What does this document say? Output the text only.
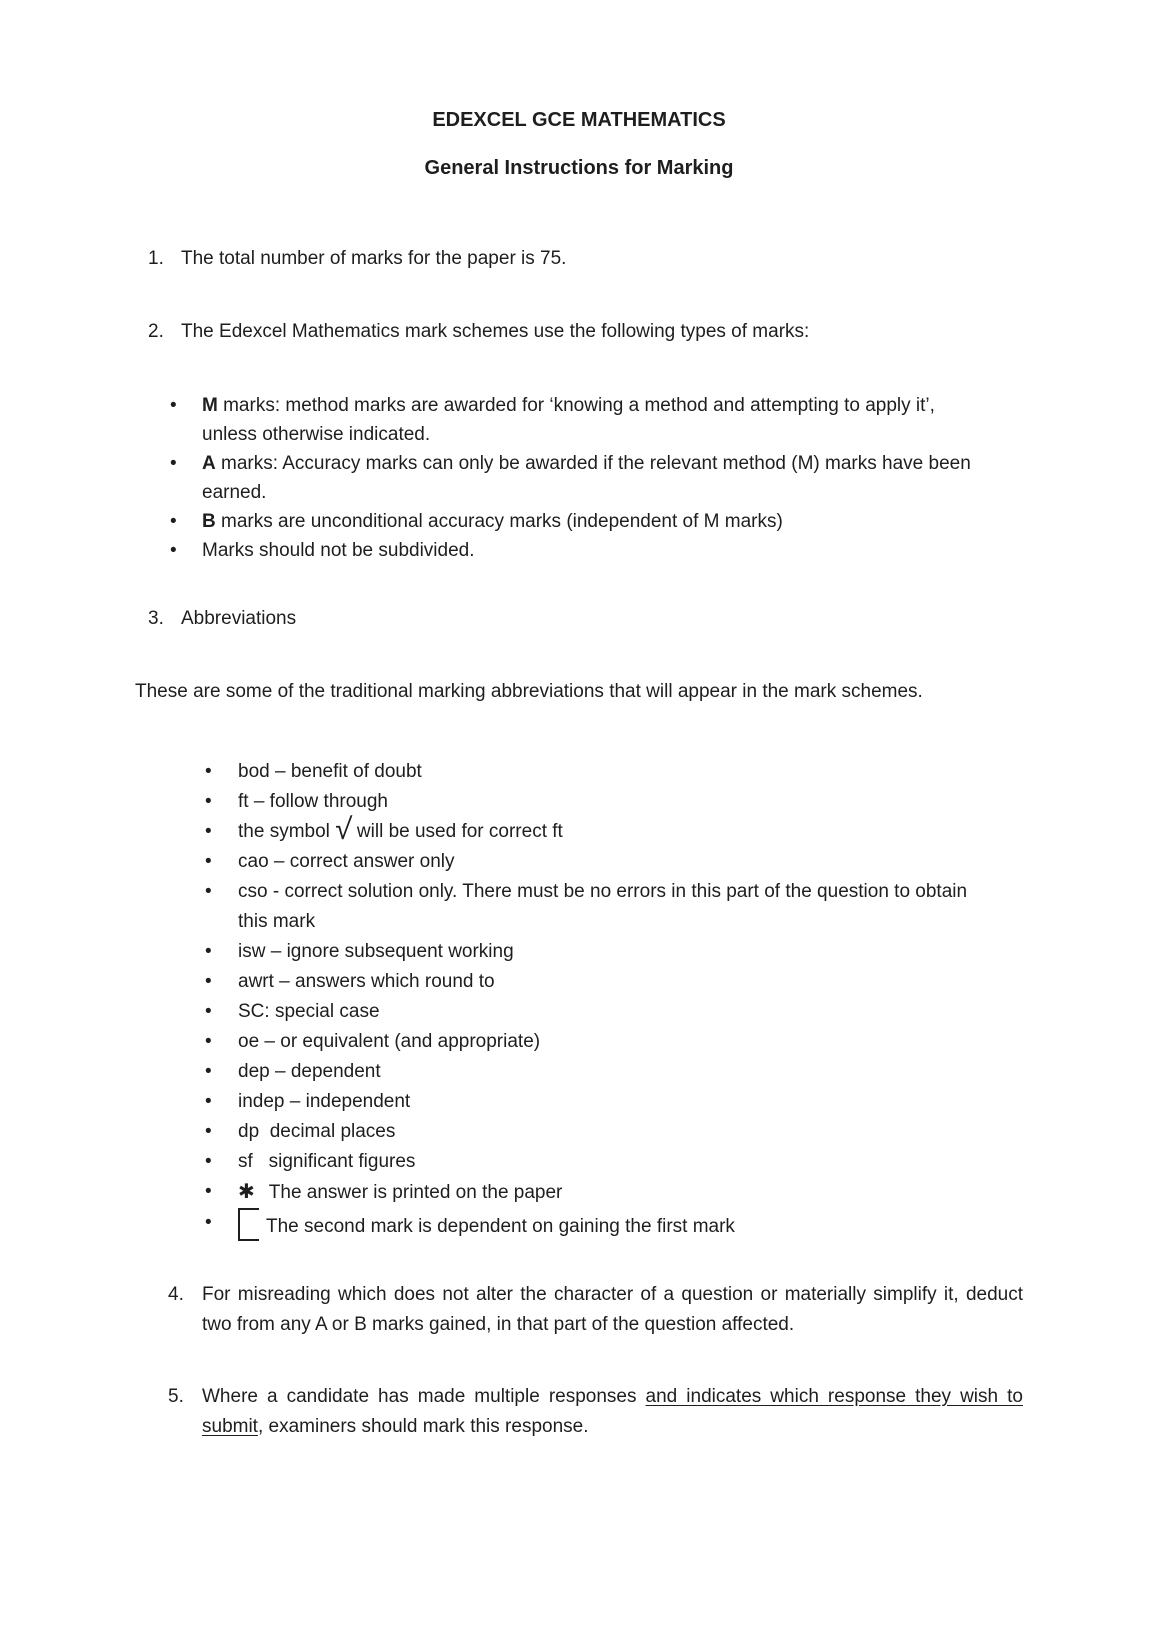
EDEXCEL GCE MATHEMATICS
General Instructions for Marking
1. The total number of marks for the paper is 75.
2. The Edexcel Mathematics mark schemes use the following types of marks:
• M marks: method marks are awarded for ‘knowing a method and attempting to apply it’, unless otherwise indicated.
• A marks: Accuracy marks can only be awarded if the relevant method (M) marks have been earned.
• B marks are unconditional accuracy marks (independent of M marks)
• Marks should not be subdivided.
3. Abbreviations

These are some of the traditional marking abbreviations that will appear in the mark schemes.

• bod – benefit of doubt
• ft – follow through
• the symbol √ will be used for correct ft
• cao – correct answer only
• cso - correct solution only. There must be no errors in this part of the question to obtain this mark
• isw – ignore subsequent working
• awrt – answers which round to
• SC: special case
• oe – or equivalent (and appropriate)
• dep – dependent
• indep – independent
• dp  decimal places
• sf   significant figures
• ✱ The answer is printed on the paper
• The second mark is dependent on gaining the first mark
4. For misreading which does not alter the character of a question or materially simplify it, deduct two from any A or B marks gained, in that part of the question affected.
5. Where a candidate has made multiple responses and indicates which response they wish to submit, examiners should mark this response.
